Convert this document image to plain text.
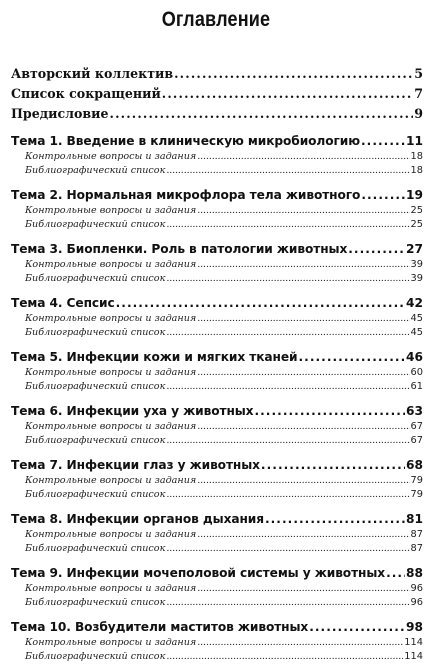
Оглавление
Авторский коллектив . . .	5
Список сокращений . . .	7
Предисловие . . .	9
Тема 1. Введение в клиническую микробиологию . . .	11
Контрольные вопросы и задания . . .	18
Библиографический список . . .	18
Тема 2. Нормальная микрофлора тела животного . . .	19
Контрольные вопросы и задания . . .	25
Библиографический список . . .	25
Тема 3. Биопленки. Роль в патологии животных . . .	27
Контрольные вопросы и задания . . .	39
Библиографический список . . .	39
Тема 4. Сепсис . . .	42
Контрольные вопросы и задания . . .	45
Библиографический список . . .	45
Тема 5. Инфекции кожи и мягких тканей . . .	46
Контрольные вопросы и задания . . .	60
Библиографический список . . .	61
Тема 6. Инфекции уха у животных . . .	63
Контрольные вопросы и задания . . .	67
Библиографический список . . .	67
Тема 7. Инфекции глаз у животных . . .	68
Контрольные вопросы и задания . . .	79
Библиографический список . . .	79
Тема 8. Инфекции органов дыхания . . .	81
Контрольные вопросы и задания . . .	87
Библиографический список . . .	87
Тема 9. Инфекции мочеполовой системы у животных . . . 88
Контрольные вопросы и задания . . .	96
Библиографический список . . .	96
Тема 10. Возбудители маститов животных . . .	98
Контрольные вопросы и задания . . .	114
Библиографический список . . .	114
